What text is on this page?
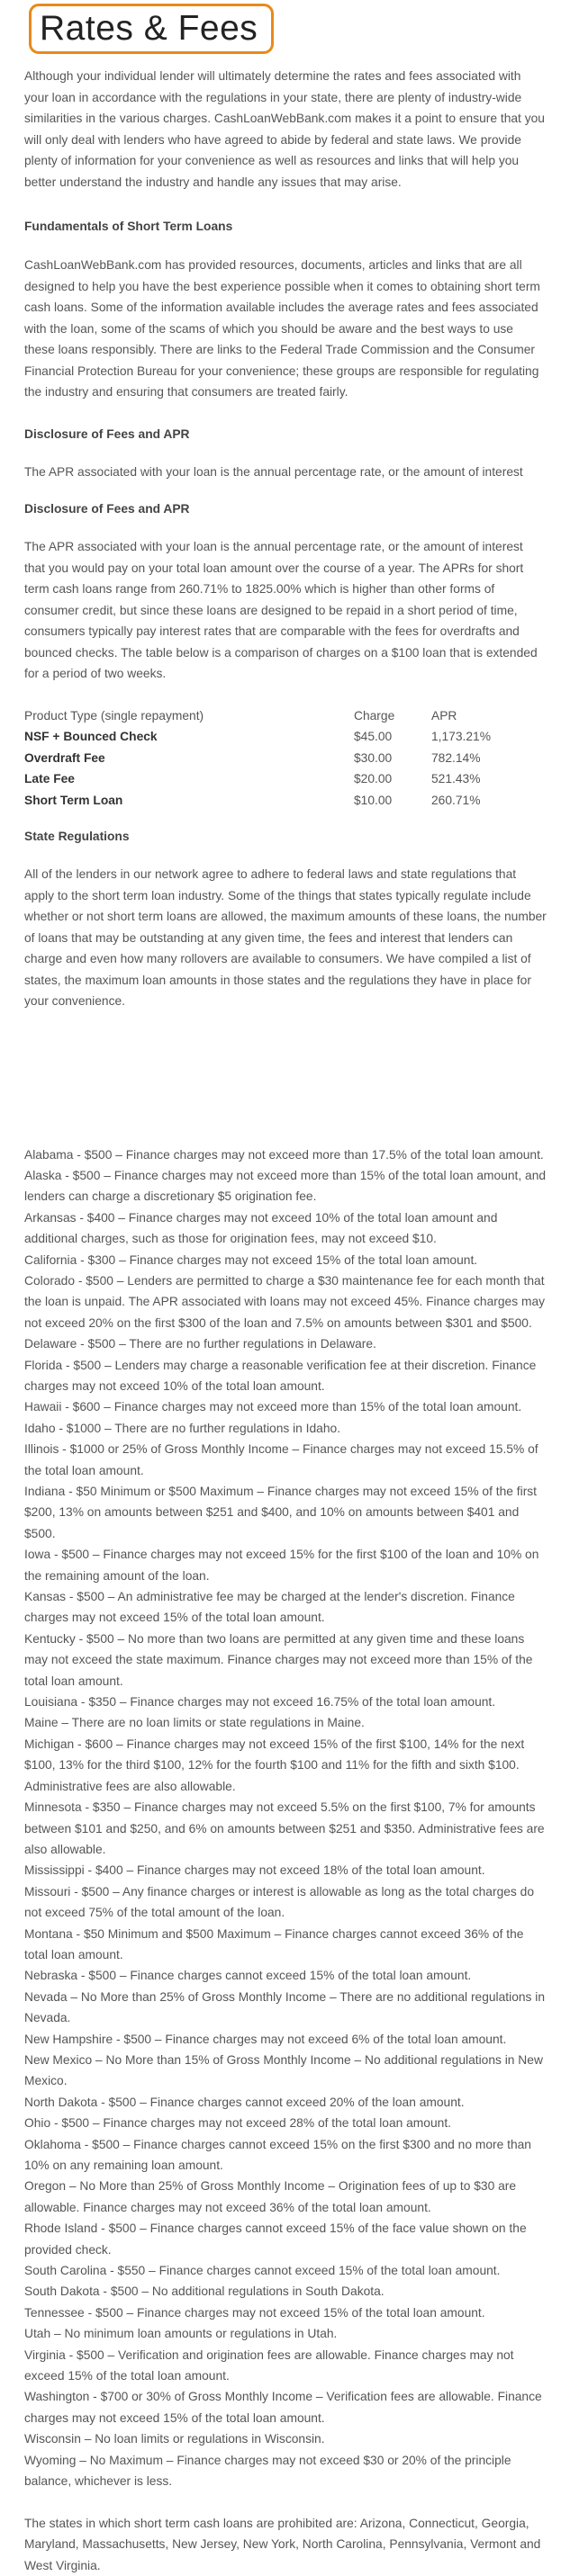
Rates & Fees

Although your individual lender will ultimately determine the rates and fees associated with your loan in accordance with the regulations in your state, there are plenty of industry-wide similarities in the various charges. CashLoanWebBank.com makes it a point to ensure that you will only deal with lenders who have agreed to abide by federal and state laws. We provide plenty of information for your convenience as well as resources and links that will help you better understand the industry and handle any issues that may arise.

Fundamentals of Short Term Loans

CashLoanWebBank.com has provided resources, documents, articles and links that are all designed to help you have the best experience possible when it comes to obtaining short term cash loans. Some of the information available includes the average rates and fees associated with the loan, some of the scams of which you should be aware and the best ways to use these loans responsibly. There are links to the Federal Trade Commission and the Consumer Financial Protection Bureau for your convenience; these groups are responsible for regulating the industry and ensuring that consumers are treated fairly.

Disclosure of Fees and APR

The APR associated with your loan is the annual percentage rate, or the amount of interest

Disclosure of Fees and APR

The APR associated with your loan is the annual percentage rate, or the amount of interest that you would pay on your total loan amount over the course of a year. The APRs for short term cash loans range from 260.71% to 1825.00% which is higher than other forms of consumer credit, but since these loans are designed to be repaid in a short period of time, consumers typically pay interest rates that are comparable with the fees for overdrafts and bounced checks. The table below is a comparison of charges on a $100 loan that is extended for a period of two weeks.

Product Type (single repayment)	Charge	APR
NSF + Bounced Check	$45.00	1,173.21%
Overdraft Fee	$30.00	782.14%
Late Fee	$20.00	521.43%
Short Term Loan	$10.00	260.71%
State Regulations

All of the lenders in our network agree to adhere to federal laws and state regulations that apply to the short term loan industry. Some of the things that states typically regulate include whether or not short term loans are allowed, the maximum amounts of these loans, the number of loans that may be outstanding at any given time, the fees and interest that lenders can charge and even how many rollovers are available to consumers. We have compiled a list of states, the maximum loan amounts in those states and the regulations they have in place for your convenience.

Alabama - $500 – Finance charges may not exceed more than 17.5% of the total loan amount.

Alaska - $500 – Finance charges may not exceed more than 15% of the total loan amount, and lenders can charge a discretionary $5 origination fee.

Arkansas - $400 – Finance charges may not exceed 10% of the total loan amount and additional charges, such as those for origination fees, may not exceed $10.

California - $300 – Finance charges may not exceed 15% of the total loan amount.

Colorado - $500 – Lenders are permitted to charge a $30 maintenance fee for each month that the loan is unpaid. The APR associated with loans may not exceed 45%. Finance charges may not exceed 20% on the first $300 of the loan and 7.5% on amounts between $301 and $500.

Delaware - $500 – There are no further regulations in Delaware.

Florida - $500 – Lenders may charge a reasonable verification fee at their discretion. Finance charges may not exceed 10% of the total loan amount.

Hawaii - $600 – Finance charges may not exceed more than 15% of the total loan amount.

Idaho - $1000 – There are no further regulations in Idaho.

Illinois - $1000 or 25% of Gross Monthly Income – Finance charges may not exceed 15.5% of the total loan amount.

Indiana - $50 Minimum or $500 Maximum – Finance charges may not exceed 15% of the first $200, 13% on amounts between $251 and $400, and 10% on amounts between $401 and $500.

Iowa - $500 – Finance charges may not exceed 15% for the first $100 of the loan and 10% on the remaining amount of the loan.

Kansas - $500 – An administrative fee may be charged at the lender's discretion. Finance charges may not exceed 15% of the total loan amount.

Kentucky - $500 – No more than two loans are permitted at any given time and these loans may not exceed the state maximum. Finance charges may not exceed more than 15% of the total loan amount.

Louisiana - $350 – Finance charges may not exceed 16.75% of the total loan amount.

Maine – There are no loan limits or state regulations in Maine.

Michigan - $600 – Finance charges may not exceed 15% of the first $100, 14% for the next $100, 13% for the third $100, 12% for the fourth $100 and 11% for the fifth and sixth $100. Administrative fees are also allowable.

Minnesota - $350 – Finance charges may not exceed 5.5% on the first $100, 7% for amounts between $101 and $250, and 6% on amounts between $251 and $350. Administrative fees are also allowable.

Mississippi - $400 – Finance charges may not exceed 18% of the total loan amount.

Missouri - $500 – Any finance charges or interest is allowable as long as the total charges do not exceed 75% of the total amount of the loan.

Montana - $50 Minimum and $500 Maximum – Finance charges cannot exceed 36% of the total loan amount.

Nebraska - $500 – Finance charges cannot exceed 15% of the total loan amount.

Nevada – No More than 25% of Gross Monthly Income – There are no additional regulations in Nevada.

New Hampshire - $500 – Finance charges may not exceed 6% of the total loan amount.

New Mexico – No More than 15% of Gross Monthly Income – No additional regulations in New Mexico.

North Dakota - $500 – Finance charges cannot exceed 20% of the loan amount.

Ohio - $500 – Finance charges may not exceed 28% of the total loan amount.

Oklahoma - $500 – Finance charges cannot exceed 15% on the first $300 and no more than 10% on any remaining loan amount.

Oregon – No More than 25% of Gross Monthly Income – Origination fees of up to $30 are allowable. Finance charges may not exceed 36% of the total loan amount.

Rhode Island - $500 – Finance charges cannot exceed 15% of the face value shown on the provided check.

South Carolina - $550 – Finance charges cannot exceed 15% of the total loan amount.

South Dakota - $500 – No additional regulations in South Dakota.

Tennessee - $500 – Finance charges may not exceed 15% of the total loan amount.

Utah – No minimum loan amounts or regulations in Utah.

Virginia - $500 – Verification and origination fees are allowable. Finance charges may not exceed 15% of the total loan amount.

Washington - $700 or 30% of Gross Monthly Income – Verification fees are allowable. Finance charges may not exceed 15% of the total loan amount.

Wisconsin – No loan limits or regulations in Wisconsin.

Wyoming – No Maximum – Finance charges may not exceed $30 or 20% of the principle balance, whichever is less.

The states in which short term cash loans are prohibited are: Arizona, Connecticut, Georgia, Maryland, Massachusetts, New Jersey, New York, North Carolina, Pennsylvania, Vermont and West Virginia.
